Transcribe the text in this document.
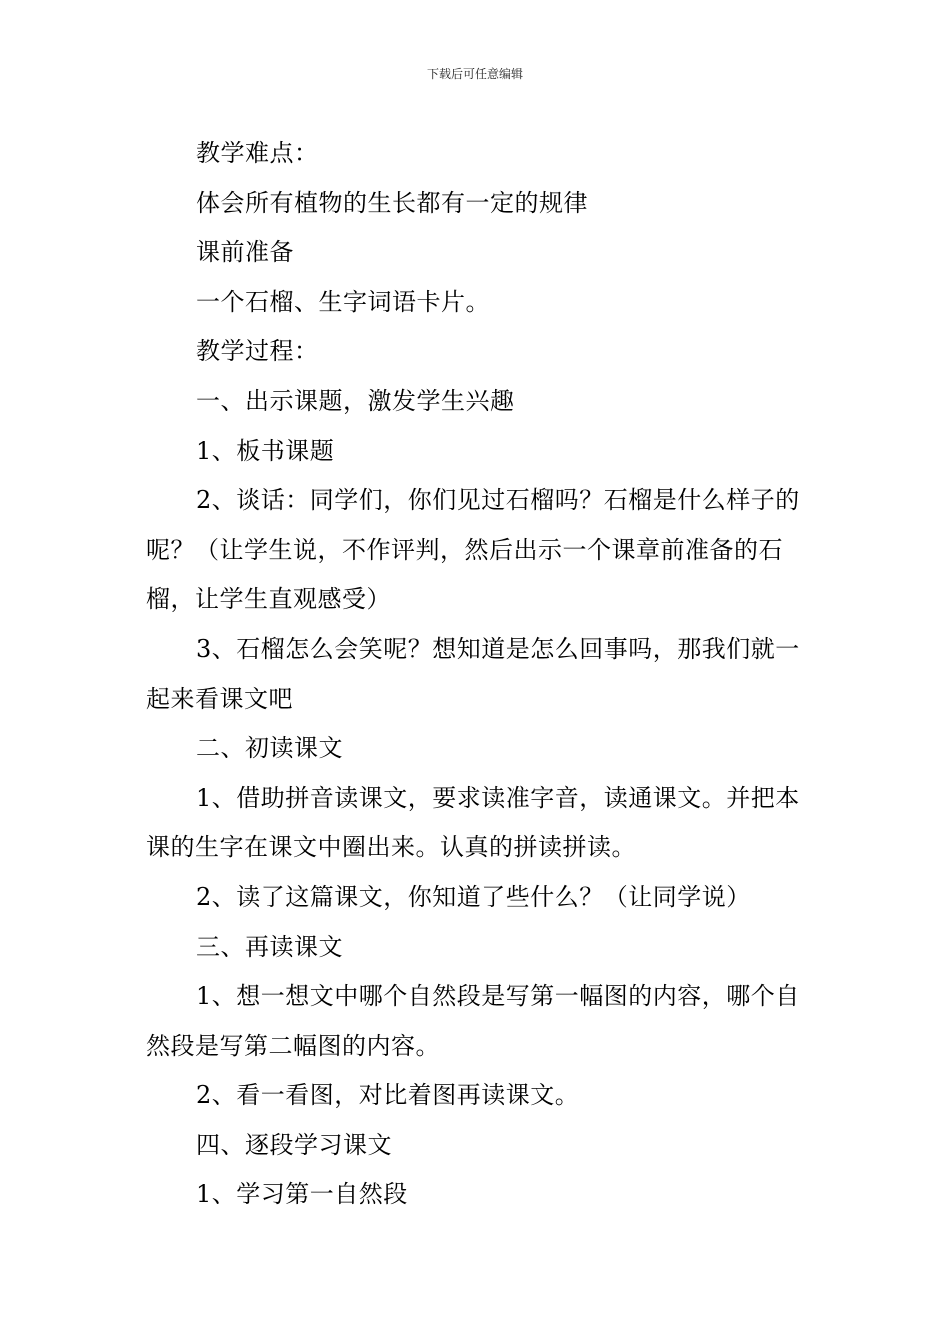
下载后可任意编辑

教学难点：

体会所有植物的生长都有一定的规律

课前准备

一个石榴、生字词语卡片。

教学过程：

一、出示课题，激发学生兴趣

1、板书课题

2、谈话：同学们，你们见过石榴吗？石榴是什么样子的呢？（让学生说，不作评判，然后出示一个课章前准备的石榴，让学生直观感受）

3、石榴怎么会笑呢？想知道是怎么回事吗，那我们就一起来看课文吧

二、初读课文

1、借助拼音读课文，要求读准字音，读通课文。并把本课的生字在课文中圈出来。认真的拼读拼读。

2、读了这篇课文，你知道了些什么？（让同学说）

三、再读课文

1、想一想文中哪个自然段是写第一幅图的内容，哪个自然段是写第二幅图的内容。

2、看一看图，对比着图再读课文。

四、逐段学习课文

1、学习第一自然段
